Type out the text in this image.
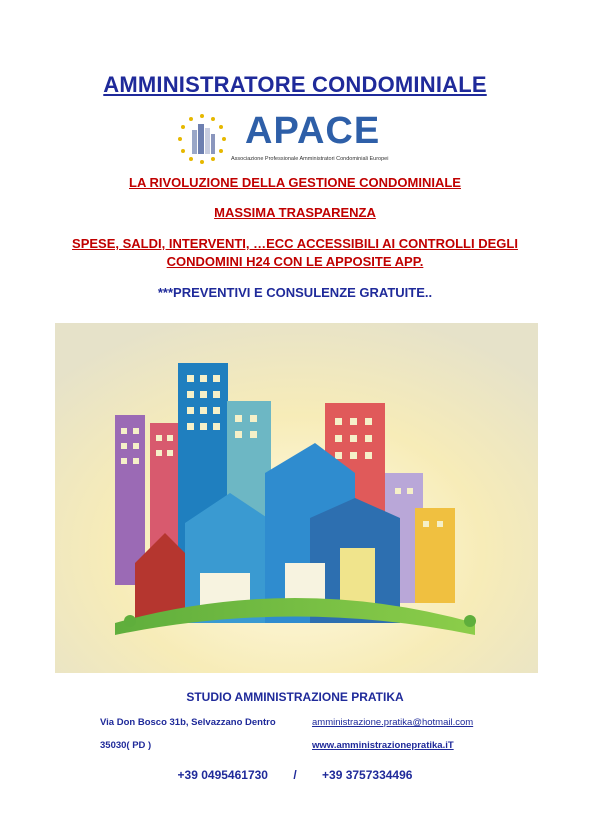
AMMINISTRATORE CONDOMINIALE
APACE
Associazione Professionale Amministratori Condominiali Europei
LA RIVOLUZIONE DELLA GESTIONE CONDOMINIALE
MASSIMA TRASPARENZA
SPESE, SALDI, INTERVENTI, …ECC ACCESSIBILI AI CONTROLLI DEGLI
CONDOMINI H24 CON LE APPOSITE APP.
***PREVENTIVI E CONSULENZE GRATUITE..
STUDIO AMMINISTRAZIONE PRATIKA
Via Don Bosco 31b, Selvazzano Dentro	amministrazione.pratika@hotmail.com
35030( PD )	www.amministrazionepratika.iT
+39 0495461730 / +39 3757334496
